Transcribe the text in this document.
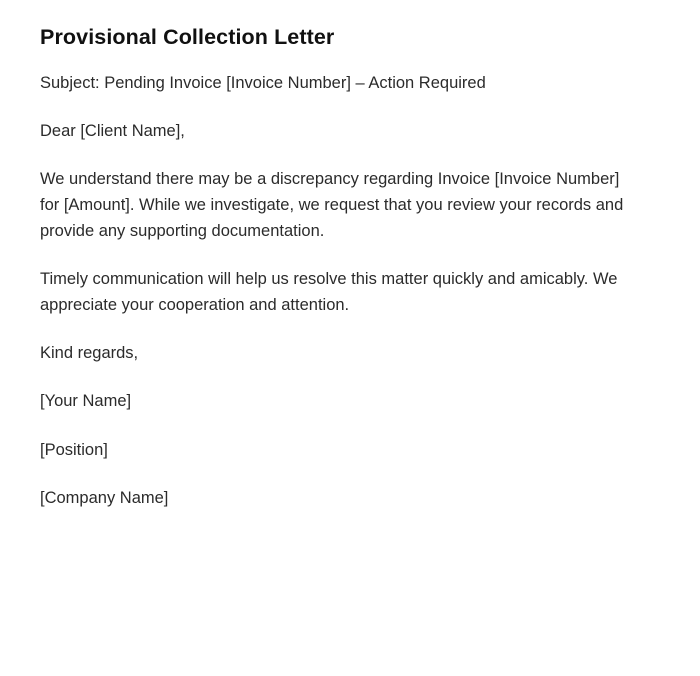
Provisional Collection Letter

Subject: Pending Invoice [Invoice Number] – Action Required

Dear [Client Name],

We understand there may be a discrepancy regarding Invoice [Invoice Number] for [Amount]. While we investigate, we request that you review your records and provide any supporting documentation.

Timely communication will help us resolve this matter quickly and amicably. We appreciate your cooperation and attention.

Kind regards,

[Your Name]

[Position]

[Company Name]
